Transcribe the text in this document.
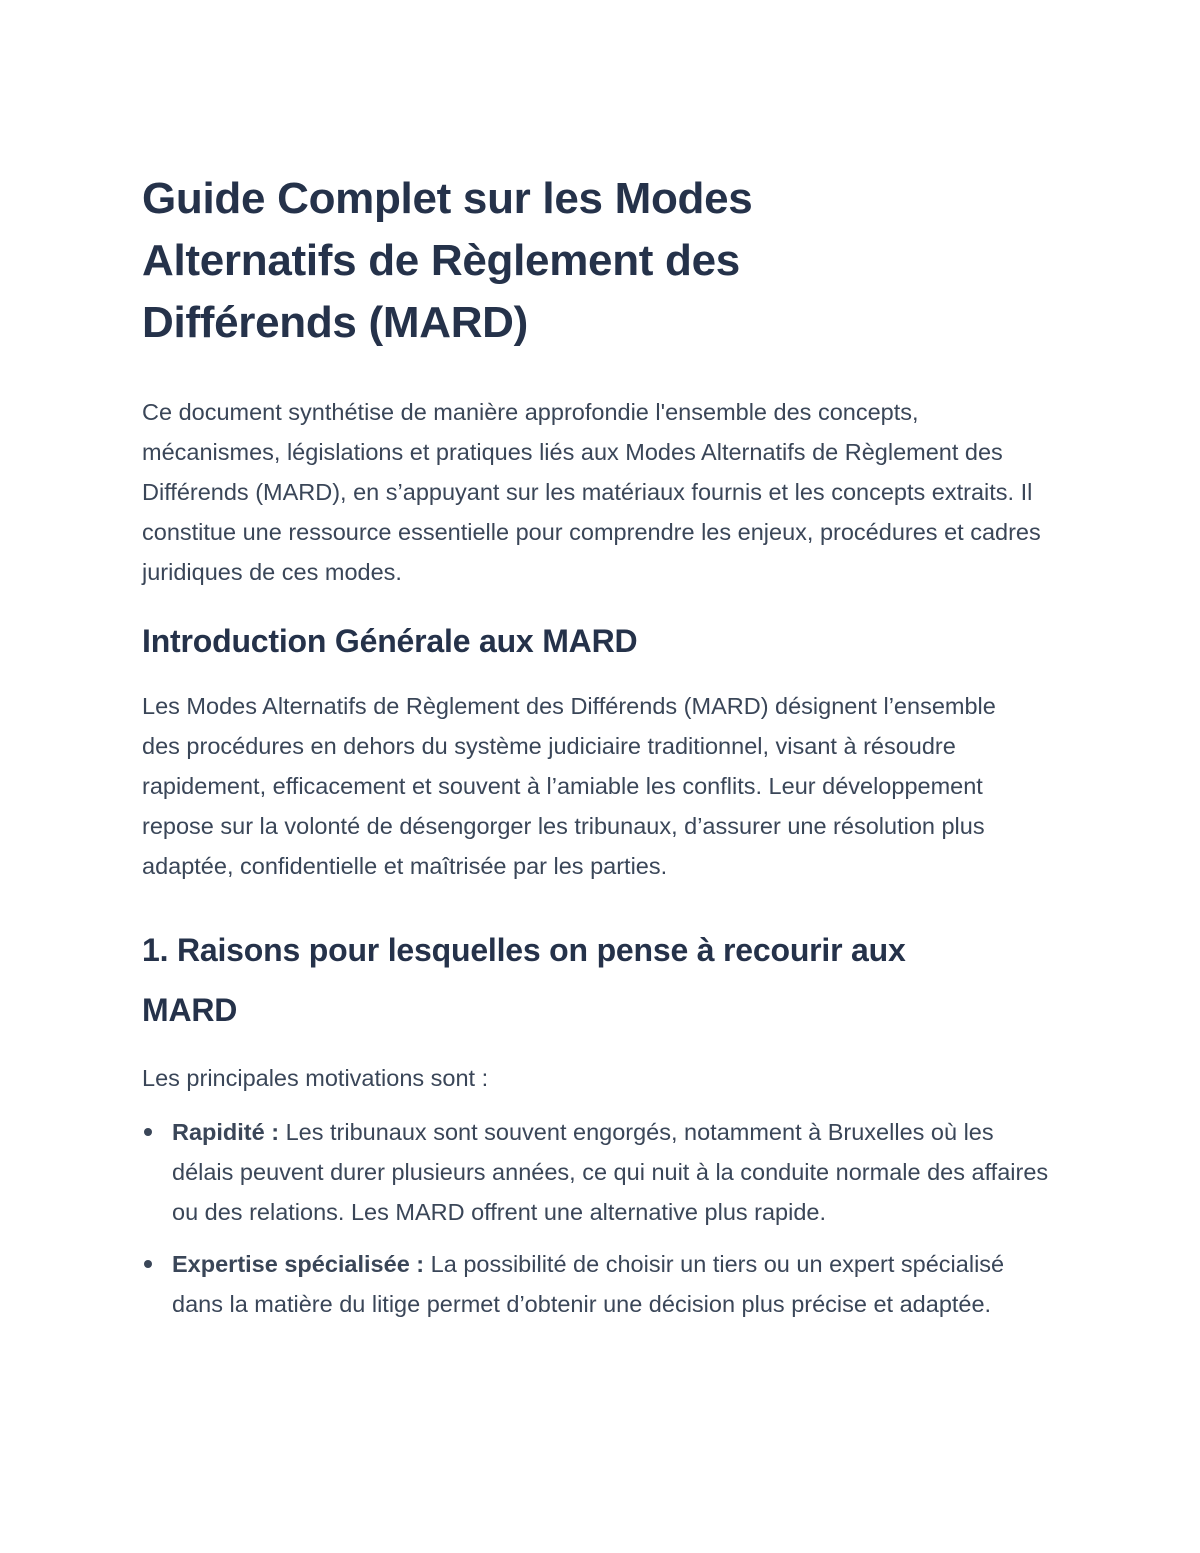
Guide Complet sur les Modes Alternatifs de Règlement des Différends (MARD)

Ce document synthétise de manière approfondie l'ensemble des concepts, mécanismes, législations et pratiques liés aux Modes Alternatifs de Règlement des Différends (MARD), en s’appuyant sur les matériaux fournis et les concepts extraits. Il constitue une ressource essentielle pour comprendre les enjeux, procédures et cadres juridiques de ces modes.

Introduction Générale aux MARD

Les Modes Alternatifs de Règlement des Différends (MARD) désignent l’ensemble des procédures en dehors du système judiciaire traditionnel, visant à résoudre rapidement, efficacement et souvent à l’amiable les conflits. Leur développement repose sur la volonté de désengorger les tribunaux, d’assurer une résolution plus adaptée, confidentielle et maîtrisée par les parties.

1. Raisons pour lesquelles on pense à recourir aux MARD

Les principales motivations sont :

Rapidité : Les tribunaux sont souvent engorgés, notamment à Bruxelles où les délais peuvent durer plusieurs années, ce qui nuit à la conduite normale des affaires ou des relations. Les MARD offrent une alternative plus rapide.
Expertise spécialisée : La possibilité de choisir un tiers ou un expert spécialisé dans la matière du litige permet d’obtenir une décision plus précise et adaptée.
